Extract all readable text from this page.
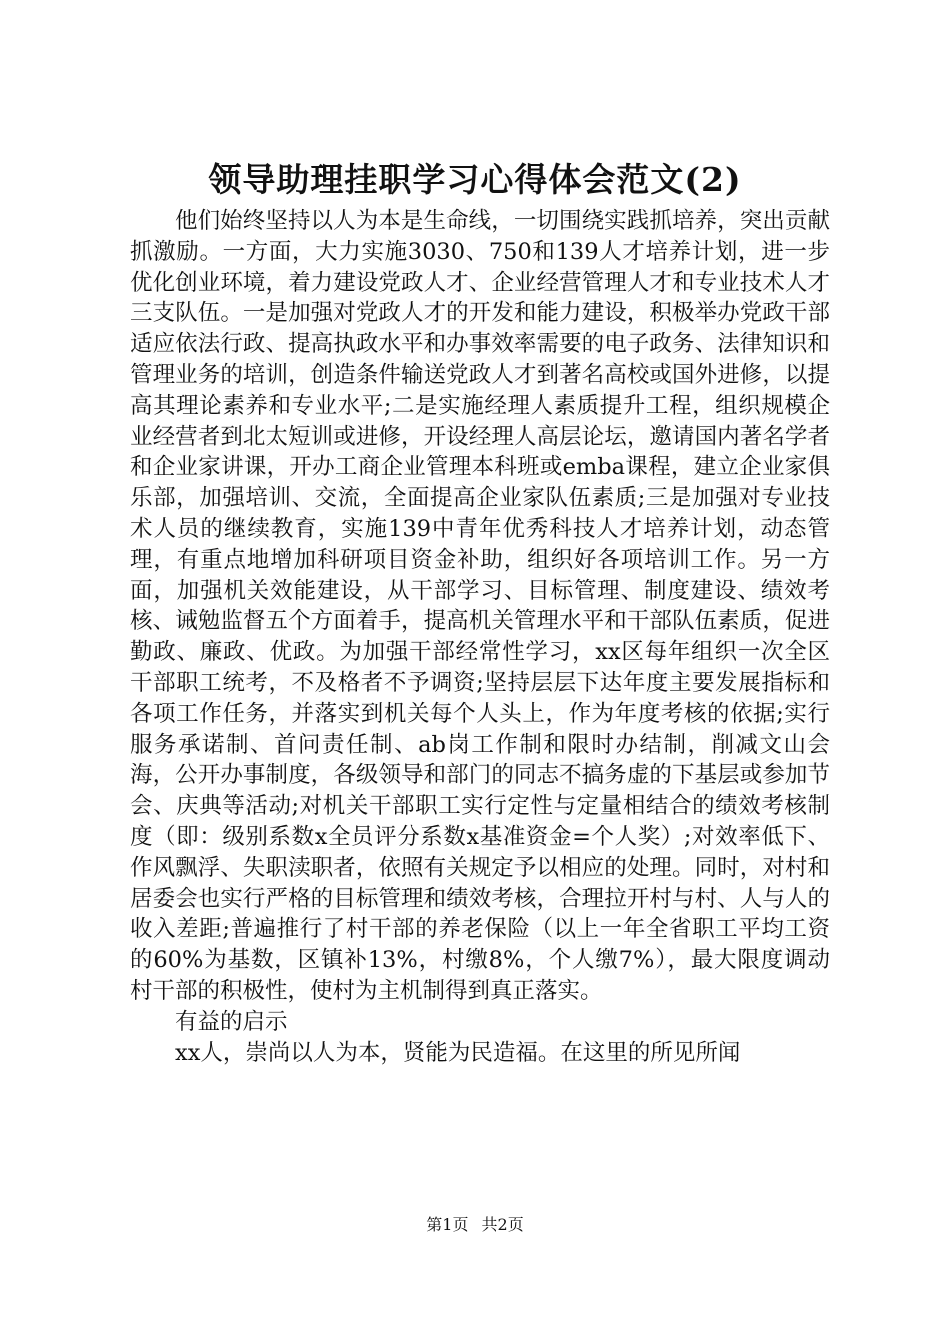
领导助理挂职学习心得体会范文(2)

他们始终坚持以人为本是生命线，一切围绕实践抓培养，突出贡献抓激励。一方面，大力实施3030、750和139人才培养计划，进一步优化创业环境，着力建设党政人才、企业经营管理人才和专业技术人才三支队伍。一是加强对党政人才的开发和能力建设，积极举办党政干部适应依法行政、提高执政水平和办事效率需要的电子政务、法律知识和管理业务的培训，创造条件输送党政人才到著名高校或国外进修，以提高其理论素养和专业水平;二是实施经理人素质提升工程，组织规模企业经营者到北太短训或进修，开设经理人高层论坛，邀请国内著名学者和企业家讲课，开办工商企业管理本科班或emba课程，建立企业家俱乐部，加强培训、交流，全面提高企业家队伍素质;三是加强对专业技术人员的继续教育，实施139中青年优秀科技人才培养计划，动态管理，有重点地增加科研项目资金补助，组织好各项培训工作。另一方面，加强机关效能建设，从干部学习、目标管理、制度建设、绩效考核、诫勉监督五个方面着手，提高机关管理水平和干部队伍素质，促进勤政、廉政、优政。为加强干部经常性学习，xx区每年组织一次全区干部职工统考，不及格者不予调资;坚持层层下达年度主要发展指标和各项工作任务，并落实到机关每个人头上，作为年度考核的依据;实行服务承诺制、首问责任制、ab岗工作制和限时办结制，削减文山会海，公开办事制度，各级领导和部门的同志不搞务虚的下基层或参加节会、庆典等活动;对机关干部职工实行定性与定量相结合的绩效考核制度（即：级别系数x全员评分系数x基准资金=个人奖）;对效率低下、作风飘浮、失职渎职者，依照有关规定予以相应的处理。同时，对村和居委会也实行严格的目标管理和绩效考核，合理拉开村与村、人与人的收入差距;普遍推行了村干部的养老保险（以上一年全省职工平均工资的60%为基数，区镇补13%，村缴8%，个人缴7%），最大限度调动村干部的积极性，使村为主机制得到真正落实。

有益的启示

xx人，崇尚以人为本，贤能为民造福。在这里的所见所闻

第1页 共2页
